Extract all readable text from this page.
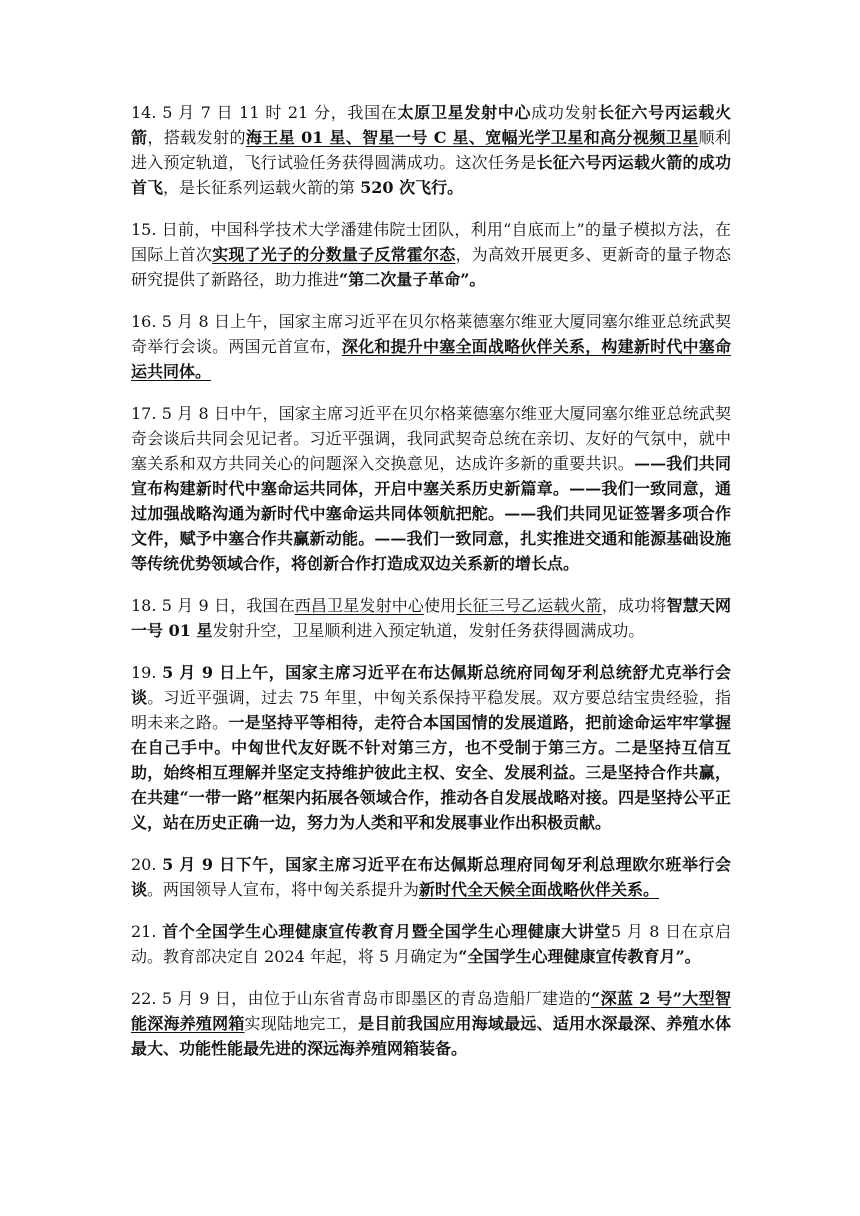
14. 5 月 7 日 11 时 21 分，我国在太原卫星发射中心成功发射长征六号丙运载火箭，搭载发射的海王星 01 星、智星一号 C 星、宽幅光学卫星和高分视频卫星顺利进入预定轨道，飞行试验任务获得圆满成功。这次任务是长征六号丙运载火箭的成功首飞，是长征系列运载火箭的第 520 次飞行。

15. 日前，中国科学技术大学潘建伟院士团队，利用“自底而上”的量子模拟方法，在国际上首次实现了光子的分数量子反常霍尔态，为高效开展更多、更新奇的量子物态研究提供了新路径，助力推进“第二次量子革命”。

16. 5 月 8 日上午，国家主席习近平在贝尔格莱德塞尔维亚大厦同塞尔维亚总统武契奇举行会谈。两国元首宣布，深化和提升中塞全面战略伙伴关系，构建新时代中塞命运共同体。

17. 5 月 8 日中午，国家主席习近平在贝尔格莱德塞尔维亚大厦同塞尔维亚总统武契奇会谈后共同会见记者。习近平强调，我同武契奇总统在亲切、友好的气氛中，就中塞关系和双方共同关心的问题深入交换意见，达成许多新的重要共识。——我们共同宣布构建新时代中塞命运共同体，开启中塞关系历史新篇章。——我们一致同意，通过加强战略沟通为新时代中塞命运共同体领航把舵。——我们共同见证签署多项合作文件，赋予中塞合作共赢新动能。——我们一致同意，扎实推进交通和能源基础设施等传统优势领域合作，将创新合作打造成双边关系新的增长点。

18. 5 月 9 日，我国在西昌卫星发射中心使用长征三号乙运载火箭，成功将智慧天网一号 01 星发射升空，卫星顺利进入预定轨道，发射任务获得圆满成功。

19. 5 月 9 日上午，国家主席习近平在布达佩斯总统府同匈牙利总统舒尤克举行会谈。习近平强调，过去 75 年里，中匈关系保持平稳发展。双方要总结宝贵经验，指明未来之路。一是坚持平等相待，走符合本国国情的发展道路，把前途命运牢牢掌握在自己手中。中匈世代友好既不针对第三方，也不受制于第三方。二是坚持互信互助，始终相互理解并坚定支持维护彼此主权、安全、发展利益。三是坚持合作共赢，在共建“一带一路”框架内拓展各领域合作，推动各自发展战略对接。四是坚持公平正义，站在历史正确一边，努力为人类和平和发展事业作出积极贡献。

20. 5 月 9 日下午，国家主席习近平在布达佩斯总理府同匈牙利总理欧尔班举行会谈。两国领导人宣布，将中匈关系提升为新时代全天候全面战略伙伴关系。

21. 首个全国学生心理健康宣传教育月暨全国学生心理健康大讲堂5 月 8 日在京启动。教育部决定自 2024 年起，将 5 月确定为“全国学生心理健康宣传教育月”。

22. 5 月 9 日，由位于山东省青岛市即墨区的青岛造船厂建造的“深蓝 2 号”大型智能深海养殖网箱实现陆地完工，是目前我国应用海域最远、适用水深最深、养殖水体最大、功能性能最先进的深远海养殖网箱装备。
